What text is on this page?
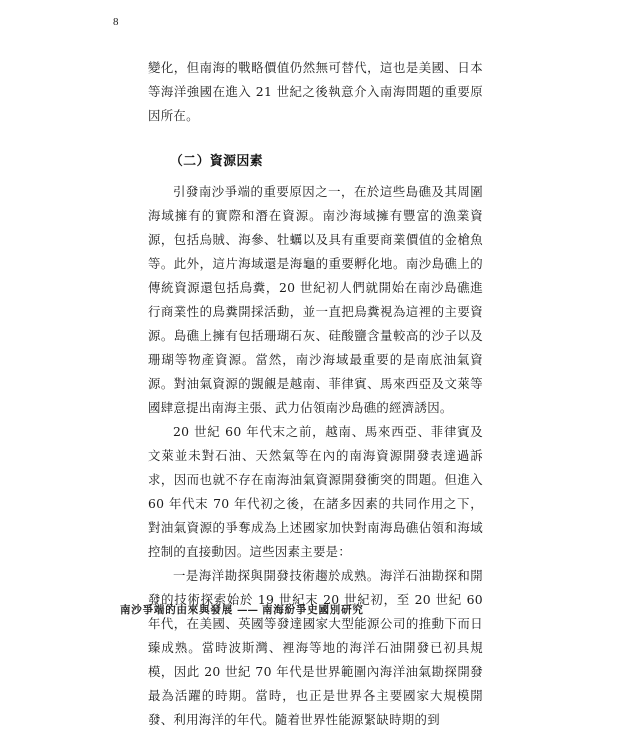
8

變化，但南海的戰略價值仍然無可替代，這也是美國、日本等海洋強國在進入 21 世紀之後執意介入南海問題的重要原因所在。

（二）資源因素

引發南沙爭端的重要原因之一，在於這些島礁及其周圍海域擁有的實際和潛在資源。南沙海域擁有豐富的漁業資源，包括烏賊、海參、牡蠣以及具有重要商業價值的金槍魚等。此外，這片海域還是海龜的重要孵化地。南沙島礁上的傳統資源還包括鳥糞，20 世紀初人們就開始在南沙島礁進行商業性的鳥糞開採活動，並一直把鳥糞視為這裡的主要資源。島礁上擁有包括珊瑚石灰、硅酸鹽含量較高的沙子以及珊瑚等物產資源。當然，南沙海域最重要的是南底油氣資源。對油氣資源的覬覦是越南、菲律賓、馬來西亞及文萊等國肆意提出南海主張、武力佔領南沙島礁的經濟誘因。

20 世紀 60 年代末之前，越南、馬來西亞、菲律賓及文萊並未對石油、天然氣等在內的南海資源開發表達過訴求，因而也就不存在南海油氣資源開發衝突的問題。但進入 60 年代末 70 年代初之後，在諸多因素的共同作用之下，對油氣資源的爭奪成為上述國家加快對南海島礁佔領和海域控制的直接動因。這些因素主要是：

一是海洋勘探與開發技術趨於成熟。海洋石油勘探和開發的技術探索始於 19 世紀末 20 世紀初，至 20 世紀 60 年代，在美國、英國等發達國家大型能源公司的推動下而日臻成熟。當時波斯灣、裡海等地的海洋石油開發已初具規模，因此 20 世紀 70 年代是世界範圍內海洋油氣勘探開發最為活躍的時期。當時，也正是世界各主要國家大規模開發、利用海洋的年代。隨着世界性能源緊缺時期的到

南沙爭端的由來與發展 —— 南海紛爭史國別研究
